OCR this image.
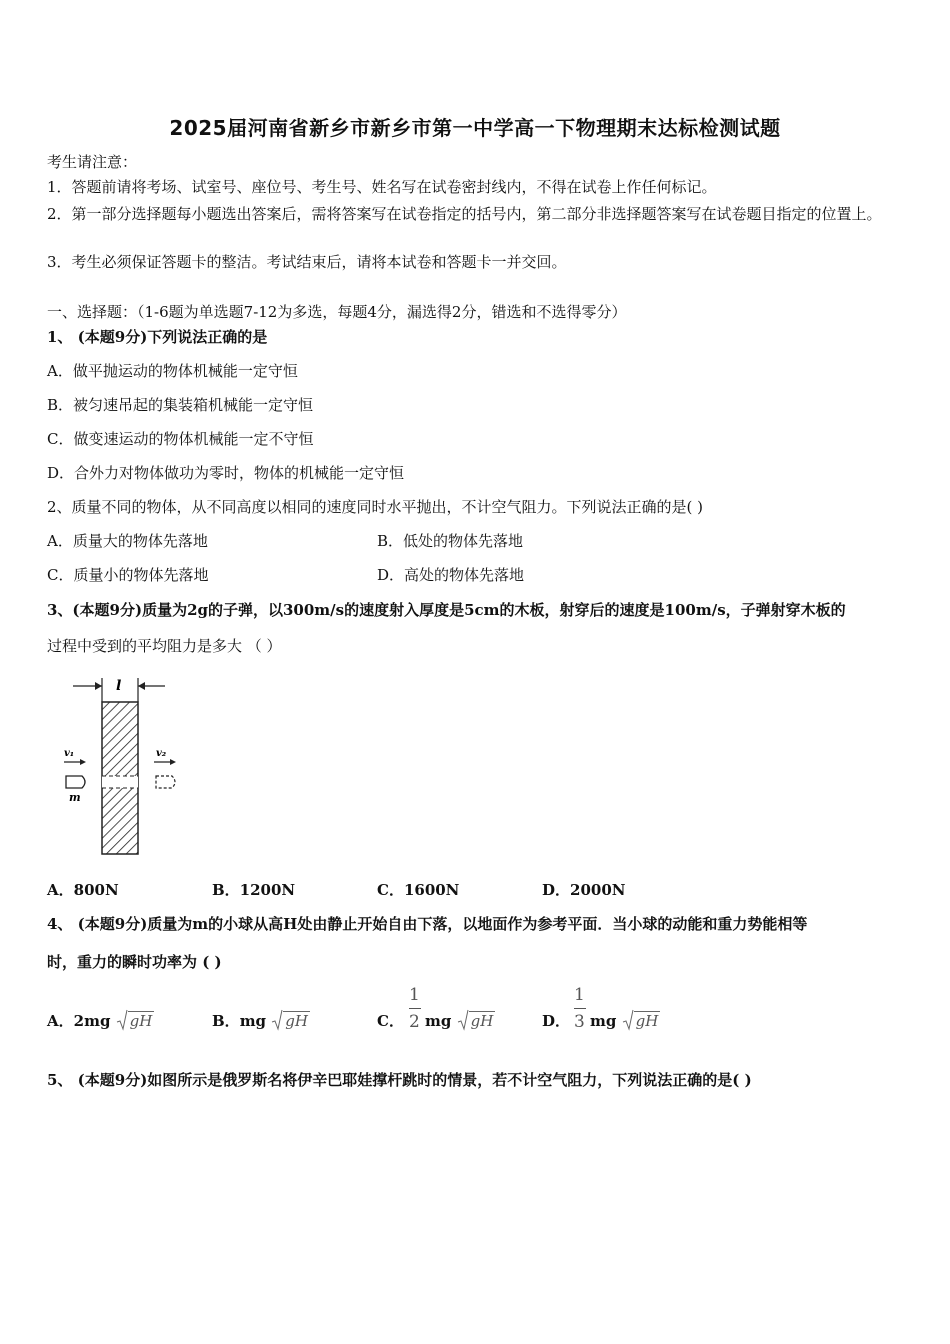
2025届河南省新乡市新乡市第一中学高一下物理期末达标检测试题
考生请注意：
1．答题前请将考场、试室号、座位号、考生号、姓名写在试卷密封线内，不得在试卷上作任何标记。
2．第一部分选择题每小题选出答案后，需将答案写在试卷指定的括号内，第二部分非选择题答案写在试卷题目指定的位置上。
3．考生必须保证答题卡的整洁。考试结束后，请将本试卷和答题卡一并交回。
一、选择题：（1-6题为单选题7-12为多选，每题4分，漏选得2分，错选和不选得零分）
1、 (本题9分)下列说法正确的是
A．做平抛运动的物体机械能一定守恒
B．被匀速吊起的集装箱机械能一定守恒
C．做变速运动的物体机械能一定不守恒
D．合外力对物体做功为零时，物体的机械能一定守恒
2、质量不同的物体，从不同高度以相同的速度同时水平抛出，不计空气阻力。下列说法正确的是( )
A．质量大的物体先落地	B．低处的物体先落地
C．质量小的物体先落地	D．高处的物体先落地
3、(本题9分)质量为2g的子弹，以300m/s的速度射入厚度是5cm的木板，射穿后的速度是100m/s，子弹射穿木板的
过程中受到的平均阻力是多大 （ ）
l
v₁
m
v₂
A．800N	B．1200N	C．1600N	D．2000N
4、 (本题9分)质量为m的小球从高H处由静止开始自由下落，以地面作为参考平面．当小球的动能和重力势能相等
时，重力的瞬时功率为 ( )
A．2mg gH	B．mg gH	C．
1
2 mg gH	D．
1
3 mg gH
5、 (本题9分)如图所示是俄罗斯名将伊辛巴耶娃撑杆跳时的情景，若不计空气阻力，下列说法正确的是( )
